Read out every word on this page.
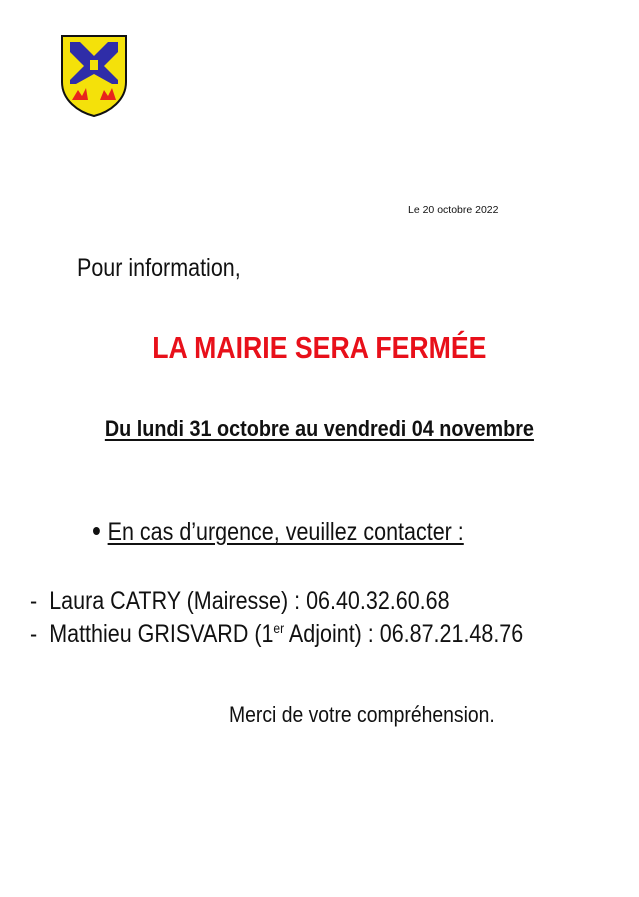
Le 20 octobre 2022
Pour information,
LA MAIRIE SERA FERMÉE
Du lundi 31 octobre au vendredi 04 novembre
En cas d’urgence, veuillez contacter :
- Laura CATRY (Mairesse) : 06.40.32.60.68
- Matthieu GRISVARD (1er Adjoint) : 06.87.21.48.76
Merci de votre compréhension.
